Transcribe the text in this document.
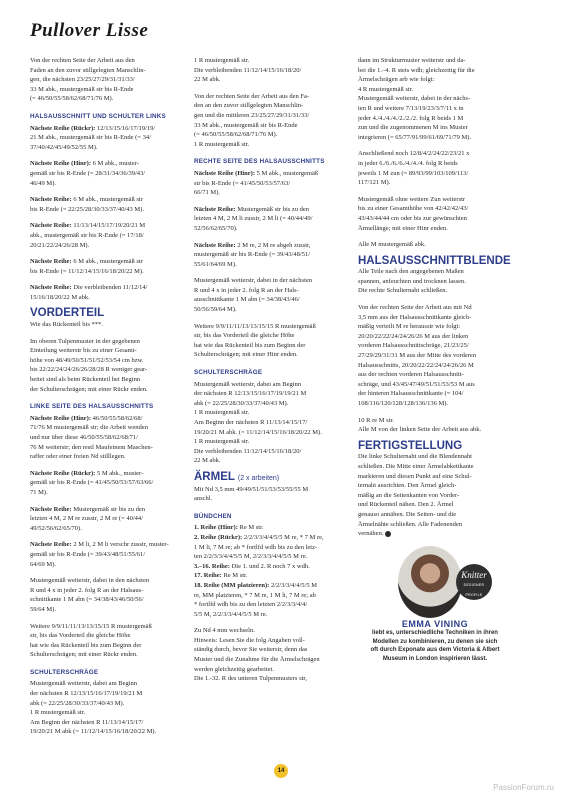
Pullover Lisse
Von der rechten Seite der Arbeit aus den
Faden an den zuvor stillgelegten Manschlin-
gen, die nächsten 23/25/27/29/31/31/33/
33 M abk., mustergemäß str bis R-Ende
(= 46/50/55/58/62/68/71/76 M).
HALSAUSSCHNITT UND SCHULTER LINKS
Nächste Reihe (Rückr): 12/13/15/16/17/19/19/
21 M abk., mustergemäß str bis R-Ende (= 34/
37/40/42/45/49/52/55 M).
Nächste Reihe (Hinr): 6 M abk., muster-
gemäß str bis R-Ende (= 28/31/34/36/39/43/
46/49 M).
Nächste Reihe: 6 M abk., mustergemäß str
bis R-Ende (= 22/25/28/30/33/37/40/43 M).
Nächste Reihe: 11/13/14/15/17/19/20/21 M
abk., mustergemäß str bis R-Ende (= 17/18/
20/21/22/24/26/28 M).
Nächste Reihe: 6 M abk., mustergemäß str
bis R-Ende (= 11/12/14/15/16/18/20/22 M).
Nächste Reihe: Die verbleibenden 11/12/14/
15/16/18/20/22 M abk.
VORDERTEIL
Wie das Rückenteil bis ***.
Im oberen Tulpenmuster in der gegebenen
Einteilung weiterstr bis zu einer Gesamt-
höhe von 48/49/50/51/51/52/53/54 cm bzw.
bis 22/22/24/24/26/26/28/28 R weniger gear-
beitet sind als beim Rückenteil bei Beginn
der Schulterschrägen; mit einer Rückr enden.
LINKE SEITE DES HALSAUSSCHNITTS
Nächste Reihe (Hinr): 46/50/55/58/62/68/
71/76 M mustergemäß str; die Arbeit wenden
und nur über diese 46/50/55/58/62/68/71/
76 M weiterstr; den restl Maufeinem Maschen-
raffer oder einer freien Nd stilllegen.
Nächste Reihe (Rückr): 5 M abk., muster-
gemäß str bis R-Ende (= 41/45/50/53/57/63/66/
71 M).
Nächste Reihe: Mustergemäß str bis zu den
letzten 4 M, 2 M re zusstr, 2 M re (= 40/44/
49/52/56/62/65/70).
Nächste Reihe: 2 M li, 2 M li verschr zusstr, muster-
gemäß str bis R-Ende (= 39/43/48/51/55/61/
64/69 M).
Mustergemäß weiterstr, dabei in den nächsten
R und 4 x in jeder 2. folg R an der Halsaus-
schnittkante 1 M abn (= 34/38/43/46/50/56/
59/64 M).
Weitere 9/9/11/11/13/13/15/15 R mustergemäß
str, bis das Vorderteil die gleiche Höhe
hat wie das Rückenteil bis zum Beginn der
Schulterschrägen; mit einer Rückr enden.
SCHULTERSCHRÄGE
Mustergemäß weiterstr, dabei am Beginn
der nächsten R 12/13/15/16/17/19/19/21 M
abk (= 22/25/28/30/33/37/40/43 M).
1 R mustergemäß str.
Am Beginn der nächsten R 11/13/14/15/17/
19/20/21 M abk (= 11/12/14/15/16/18/20/22 M).
1 R mustergemäß str.
Die verbleibenden 11/12/14/15/16/18/20/
22 M abk.
Von der rechten Seite der Arbeit aus den Fa-
den an den zuvor stillgelegten Manschlin-
gen und die mittleren 23/25/27/29/31/31/33/
33 M abk., mustergemäß str bis R-Ende
(= 46/50/55/58/62/68/71/76 M).
1 R mustergemäß str.
RECHTE SEITE DES HALSAUSSCHNITTS
Nächste Reihe (Hinr): 5 M abk., mustergemäß
str bis R-Ende (= 41/45/50/53/57/63/
66/71 M).
Nächste Reihe: Mustergemäß str bis zu den
letzten 4 M, 2 M li zusstr, 2 M li (= 40/44/49/
52/56/62/65/70).
Nächste Reihe: 2 M re, 2 M re abgeh zusstr,
mustergemäß str bis R-Ende (= 39/43/48/51/
55/61/64/69 M).
Mustergemäß weiterstr, dabei in der nächsten
R und 4 x in jeder 2. folg R an der Hals-
ausschnittkante 1 M abn (= 34/38/43/46/
50/56/59/64 M).
Weitere 9/9/11/11/13/13/15/15 R mustergemäß
str, bis das Vorderteil die gleiche Höhe
hat wie das Rückenteil bis zum Beginn der
Schulterschrägen; mit einer Hinr enden.
SCHULTERSCHRÄGE
Mustergemäß weiterstr, dabei am Beginn
der nächsten R 12/13/15/16/17/19/19/21 M
abk (= 22/25/28/30/33/37/40/43 M).
1 R mustergemäß str.
Am Beginn der nächsten R 11/13/14/15/17/
19/20/21 M abk. (= 11/12/14/15/16/18/20/22 M).
1 R mustergemäß str.
Die verbleibenden 11/12/14/15/16/18/20/
22 M abk.
ÄRMEL (2 x arbeiten)
Mit Nd 3,5 mm 49/49/51/51/53/53/55/55 M
anschl.
BÜNDCHEN
1. Reihe (Hinr): Re M str.
2. Reihe (Rückr): 2/2/3/3/4/4/5/5 M re, * 7 M re,
1 M li, 7 M re; ab * fortlfd wdh bis zu den letz-
ten 2/2/3/3/4/4/5/5 M, 2/2/3/3/4/4/5/5 M re.
3.–16. Reihe: Die 1. und 2. R noch 7 x wdh.
17. Reihe: Re M str.
18. Reihe (MM platzieren): 2/2/3/3/4/4/5/5 M
re, MM platzieren, * 7 M re, 1 M li, 7 M re; ab
* fortlfd wdh bis zu den letzten 2/2/3/3/4/4/
5/5 M, 2/2/3/3/4/4/5/5 M re.
Zu Nd 4 mm wechseln.
Hinweis: Lesen Sie die folg Angaben voll-
ständig durch, bevor Sie weiterstr, denn das
Muster und die Zunahme für die Ärmelschrägen
werden gleichzeitig gearbeitet.
Die 1.-32. R des unteren Tulpenmusters str,
dann im Strukturmuster weiterstr und da-
bei die 1.–4. R stets wdh; gleichzeitig für die
Ärmelschrägen arb wie folgt:
4 R mustergemäß str.
Mustergemäß weiterstr, dabei in der nächs-
ten R und weitere 7/13/19/23/3/7/11 x in
jeder 4./4./4./4./2./2./2. folg R beids 1 M
zun und die zugenommenen M ins Muster
integrieren (= 65/77/91/99/61/69/71/79 M).
Anschließend noch 12/8/4/2/24/22/23/21 x
in jeder 6./6./6./6./4./4./4. folg R beids
jeweils 1 M zun (= 89/93/99/103/109/113/
117/121 M).
Mustergemäß ohne weitere Zun weiterstr
bis zu einer Gesamthöhe von 42/42/42/43/
43/43/44/44 cm oder bis zur gewünschten
Ärmellänge; mit einer Hinr enden.
Alle M mustergemäß abk.
HALSAUSSCHNITTBLENDE
Alle Teile nach den angegebenen Maßen
spannen, anfeuchten und trocknen lassen.
Die rechte Schulternaht schließen.
Von der rechten Seite der Arbeit aus mit Nd
3,5 mm aus der Halsausschnittkante gleich-
mäßig verteilt M re herausstr wie folgt:
20/20/22/22/24/24/26/26 M aus der linken
vorderen Halsausschnittschräge, 21/23/25/
27/29/29/31/31 M aus der Mitte des vorderen
Halsausschnitts, 20/20/22/22/24/24/26/26 M
aus der rechten vorderen Halsausschnitt-
schräge, und 43/45/47/49/51/51/53/53 M aus
der hinteren Halsausschnittkante (= 104/
108/116/120/128/128/136/136 M).
10 R re M str.
Alle M von der linken Seite der Arbeit aus abk.
FERTIGSTELLUNG
Die linke Schulternaht und die Blendennaht
schließen. Die Mitte einer Ärmelabkettkante
markieren und diesen Punkt auf eine Schul-
ternaht ausrichten. Den Ärmel gleich-
mäßig an die Seitenkanten von Vorder-
und Rückenteil nähen. Den 2. Ärmel
genauso annähen. Die Seiten- und die
Ärmelnähte schließen. Alle Fadenenden
vernähen.
Knitter
DESIGNER PROFILE
EMMA VINING
liebt es, unterschiedliche Techniken in ihren
Modellen zu kombinieren, zu denen sie sich
oft durch Exponate aus dem Victoria & Albert
Museum in London inspirieren lässt.
14
PassionForum.ru
